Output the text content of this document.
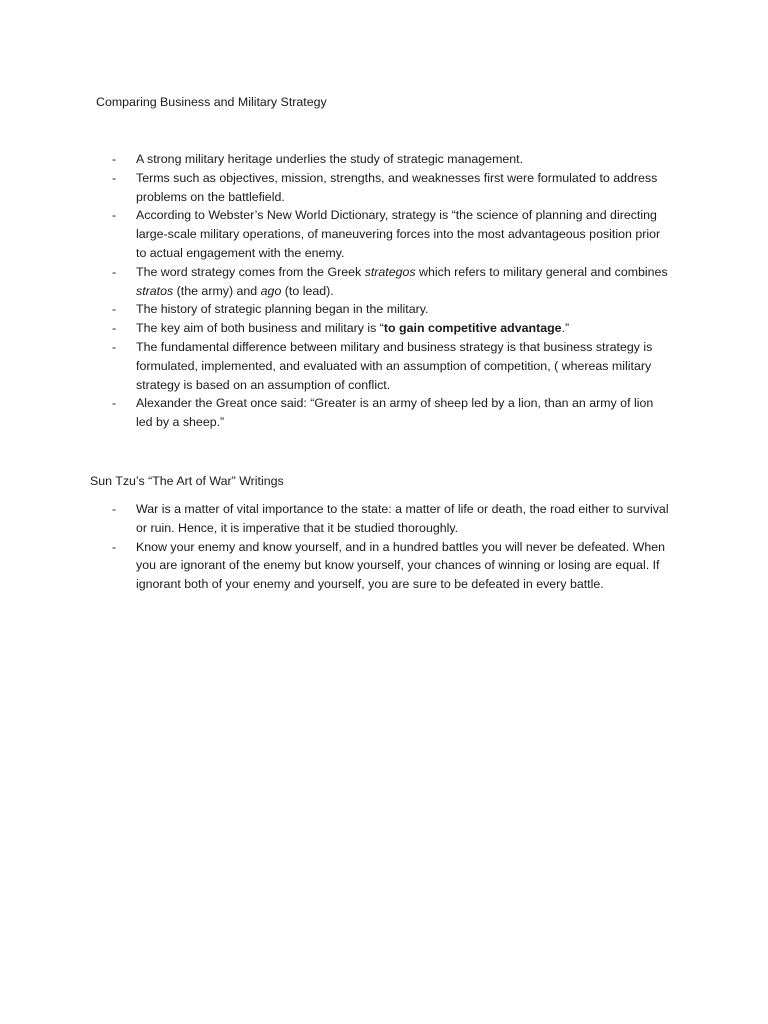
Comparing Business and Military Strategy
-	A strong military heritage underlies the study of strategic management.
-	Terms such as objectives, mission, strengths, and weaknesses first were formulated to address problems on the battlefield.
-	According to Webster’s New World Dictionary, strategy is “the science of planning and directing large-scale military operations, of maneuvering forces into the most advantageous position prior to actual engagement with the enemy.
-	The word strategy comes from the Greek strategos which refers to military general and combines stratos (the army) and ago (to lead).
-	The history of strategic planning began in the military.
-	The key aim of both business and military is “to gain competitive advantage.”
-	The fundamental difference between military and business strategy is that business strategy is formulated, implemented, and evaluated with an assumption of competition, ( whereas military strategy is based on an assumption of conflict.
-	Alexander the Great once said: “Greater is an army of sheep led by a lion, than an army of lion led by a sheep.”
Sun Tzu’s “The Art of War” Writings
-	War is a matter of vital importance to the state: a matter of life or death, the road either to survival or ruin. Hence, it is imperative that it be studied thoroughly.
-	Know your enemy and know yourself, and in a hundred battles you will never be defeated. When you are ignorant of the enemy but know yourself, your chances of winning or losing are equal. If ignorant both of your enemy and yourself, you are sure to be defeated in every battle.
